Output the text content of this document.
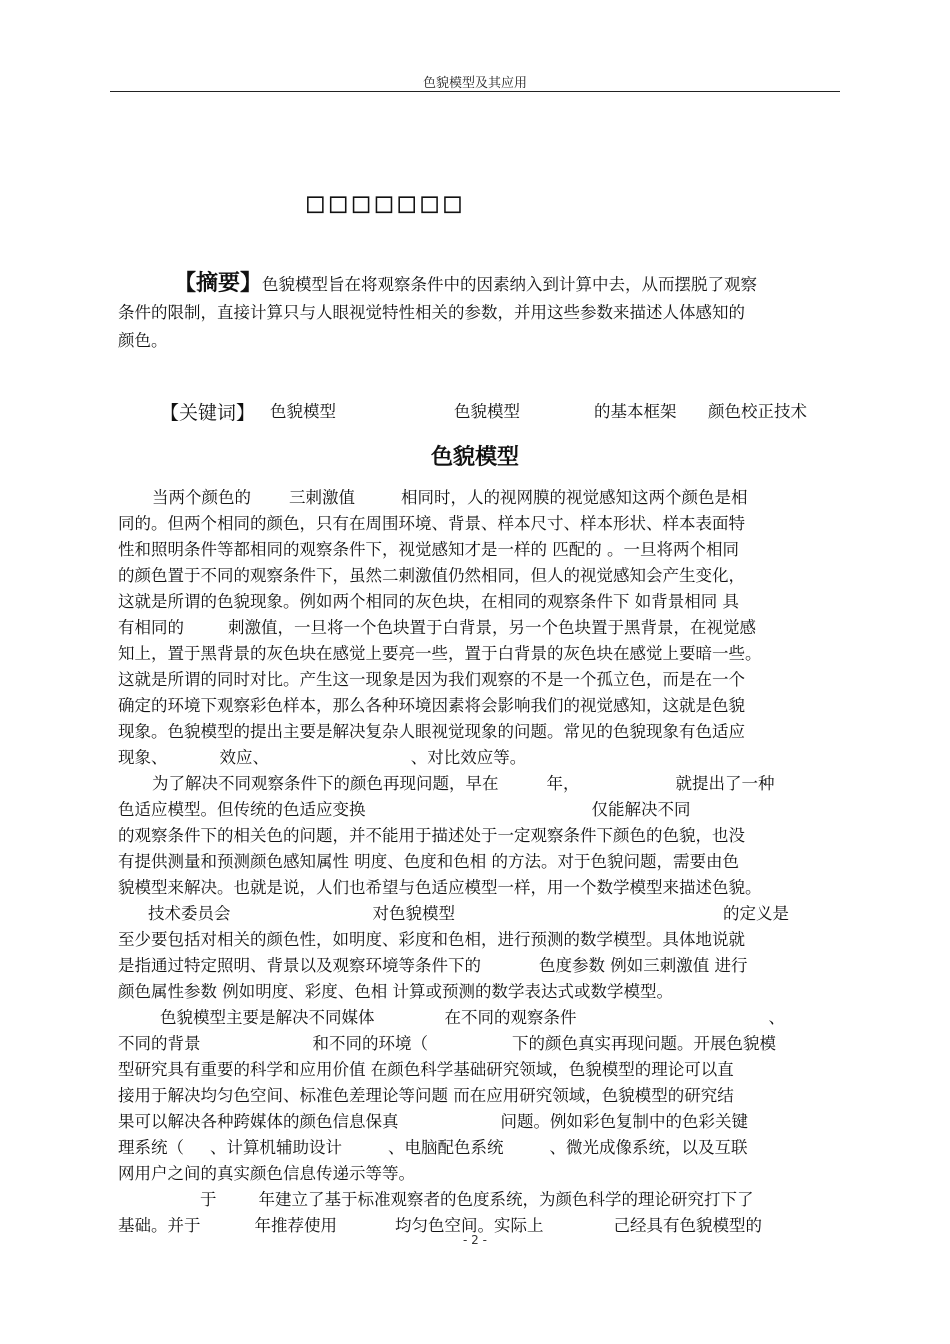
色貌模型及其应用
□□□□□□□
【摘要】色貌模型旨在将观察条件中的因素纳入到计算中去，从而摆脱了观察
条件的限制，直接计算只与人眼视觉特性相关的参数，并用这些参数来描述人体感知的
颜色。
【关键词】 色貌模型	色貌模型	的基本框架 颜色校正技术
色貌模型
当两个颜色的 三刺激值	相同时，人的视网膜的视觉感知这两个颜色是相
同的。但两个相同的颜色，只有在周围环境、背景、样本尺寸、样本形状、样本表面特
性和照明条件等都相同的观察条件下，视觉感知才是一样的 匹配的 。一旦将两个相同
的颜色置于不同的观察条件下，虽然二刺激值仍然相同，但人的视觉感知会产生变化，
这就是所谓的色貌现象。例如两个相同的灰色块，在相同的观察条件下 如背景相同 具
有相同的	刺激值，一旦将一个色块置于白背景，另一个色块置于黑背景，在视觉感
知上，置于黑背景的灰色块在感觉上要亮一些，置于白背景的灰色块在感觉上要暗一些。
这就是所谓的同时对比。产生这一现象是因为我们观察的不是一个孤立色，而是在一个
确定的环境下观察彩色样本，那么各种环境因素将会影响我们的视觉感知，这就是色貌
现象。色貌模型的提出主要是解决复杂人眼视觉现象的问题。常见的色貌现象有色适应
现象、	效应、	、对比效应等。
为了解决不同观察条件下的颜色再现问题，早在	年，	就提出了一种
色适应模型。但传统的色适应变换	仅能解决不同
的观察条件下的相关色的问题，并不能用于描述处于一定观察条件下颜色的色貌，也没
有提供测量和预测颜色感知属性 明度、色度和色相 的方法。对于色貌问题，需要由色
貌模型来解决。也就是说，人们也希望与色适应模型一样，用一个数学模型来描述色貌。
技术委员会	对色貌模型	的定义是
至少要包括对相关的颜色性，如明度、彩度和色相，进行预测的数学模型。具体地说就
是指通过特定照明、背景以及观察环境等条件下的	色度参数 例如三刺激值 进行
颜色属性参数 例如明度、彩度、色相 计算或预测的数学表达式或数学模型。
色貌模型主要是解决不同媒体	在不同的观察条件	、
不同的背景	和不同的环境（	下的颜色真实再现问题。开展色貌模
型研究具有重要的科学和应用价值 在颜色科学基础研究领域，色貌模型的理论可以直
接用于解决均匀色空间、标准色差理论等问题 而在应用研究领域，色貌模型的研究结
果可以解决各种跨媒体的颜色信息保真	问题。例如彩色复制中的色彩关键
理系统（ 、计算机辅助设计	、电脑配色系统	、微光成像系统，以及互联
网用户之间的真实颜色信息传递示等等。
于	年建立了基于标准观察者的色度系统，为颜色科学的理论研究打下了
基础。并于	年推荐使用	均匀色空间。实际上	己经具有色貌模型的
- 2 -
